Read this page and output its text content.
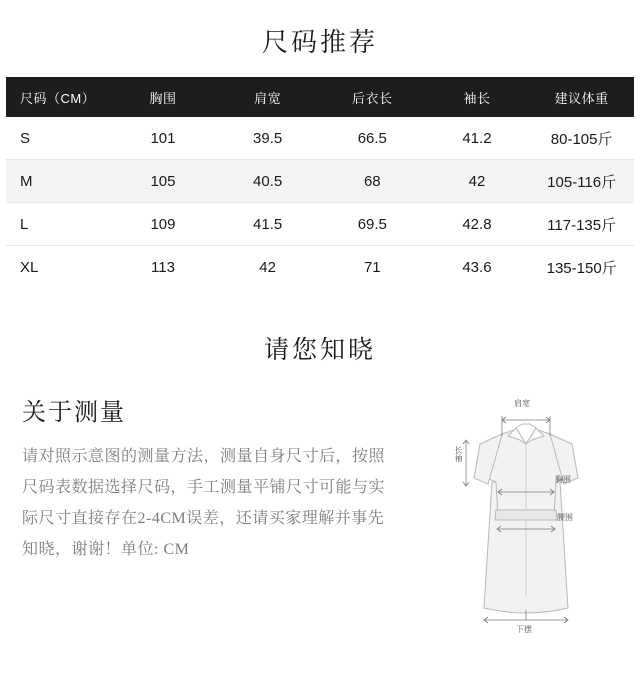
尺码推荐
尺码（CM）	胸围	肩宽	后衣长	袖长	建议体重
S	101	39.5	66.5	41.2	80-105斤
M	105	40.5	68	42	105-116斤
L	109	41.5	69.5	42.8	117-135斤
XL	113	42	71	43.6	135-150斤
请您知晓
关于测量
请对照示意图的测量方法，测量自身尺寸后，按照尺码表数据选择尺码，手工测量平铺尺寸可能与实际尺寸直接存在2-4CM误差，还请买家理解并事先知晓，谢谢！单位: CM
肩宽
胸围
腰围
长袖
下摆
